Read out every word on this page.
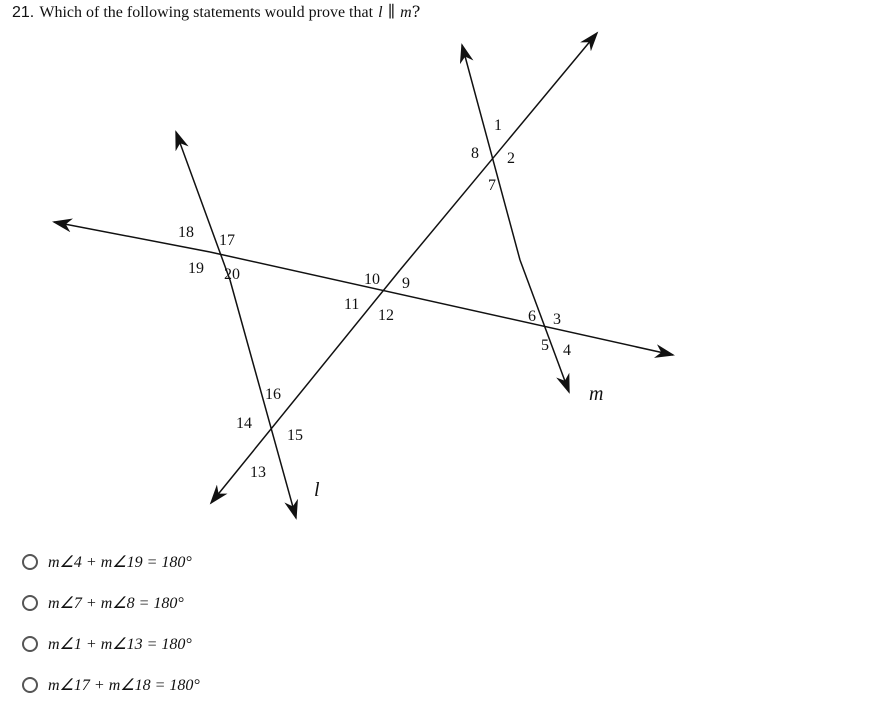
21. Which of the following statements would prove that l ∥ m?
1
2
3
4
5
6
7
8
9
10
11
12
13
14
15
16
17
18
19 20
l
m
m∠4 + m∠19 = 180°
m∠7 + m∠8 = 180°
m∠1 + m∠13 = 180°
m∠17 + m∠18 = 180°
